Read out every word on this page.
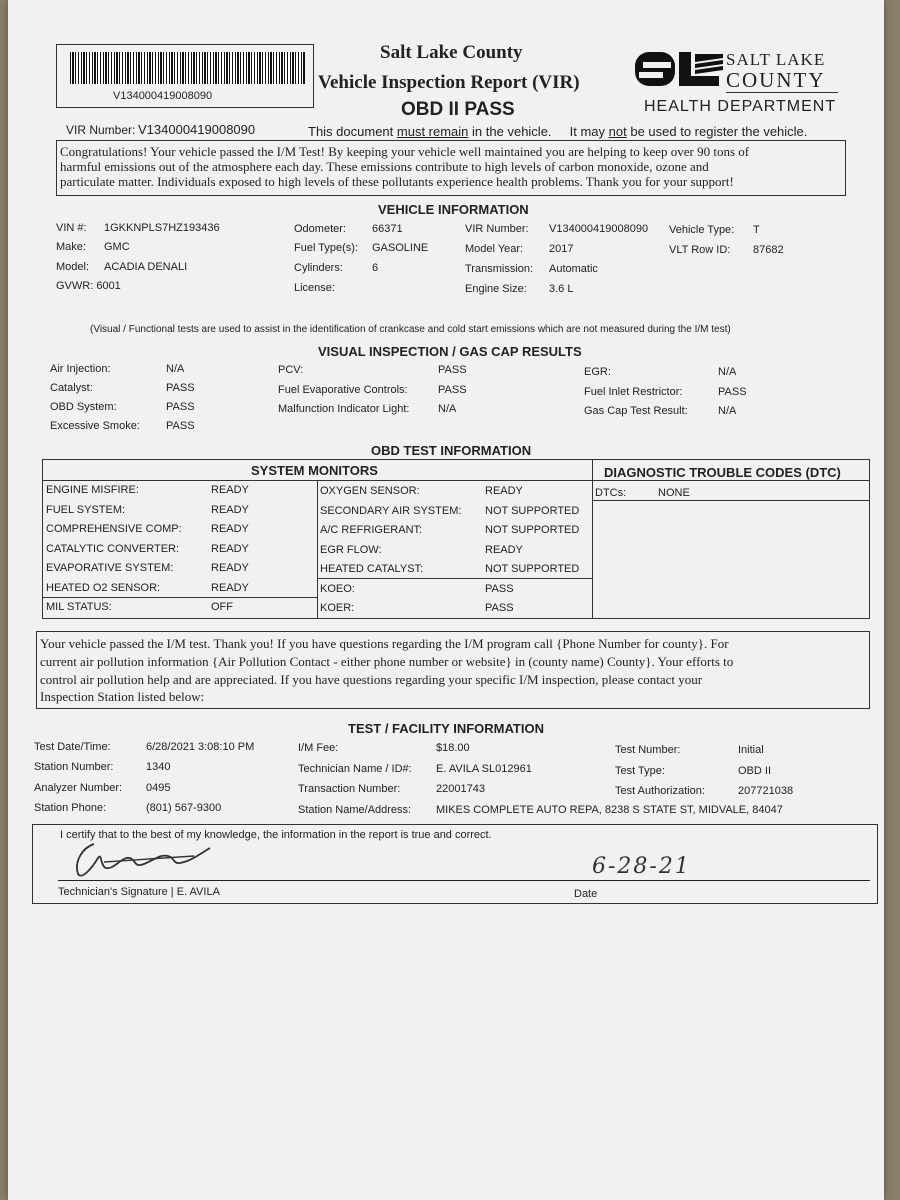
V134000419008090
Salt Lake County
Vehicle Inspection Report (VIR)
OBD II PASS
SALT LAKE
COUNTY
HEALTH DEPARTMENT
VIR Number: V134000419008090	This document must remain in the vehicle. It may not be used to register the vehicle.
Congratulations! Your vehicle passed the I/M Test! By keeping your vehicle well maintained you are helping to keep over 90 tons of
harmful emissions out of the atmosphere each day. These emissions contribute to high levels of carbon monoxide, ozone and
particulate matter. Individuals exposed to high levels of these pollutants experience health problems. Thank you for your support!
VEHICLE INFORMATION
VIN #: 1GKKNPLS7HZ193436
Make: GMC
Model: ACADIA DENALI
GVWR: 6001
Odometer: 66371
Fuel Type(s): GASOLINE
Cylinders:	6
License:
VIR Number: V134000419008090
Model Year: 2017
Transmission: Automatic
Engine Size: 3.6 L
Vehicle Type: T
VLT Row ID: 87682
(Visual / Functional tests are used to assist in the identification of crankcase and cold start emissions which are not measured during the I/M test)
VISUAL INSPECTION / GAS CAP RESULTS
Air Injection:	N/A
Catalyst:	PASS
OBD System:	PASS
Excessive Smoke: PASS
PCV:	PASS
Fuel Evaporative Controls:	PASS
Malfunction Indicator Light:	N/A
EGR:	N/A
Fuel Inlet Restrictor:	PASS
Gas Cap Test Result:	N/A
OBD TEST INFORMATION
SYSTEM MONITORS	DIAGNOSTIC TROUBLE CODES (DTC)
ENGINE MISFIRE:	READY
FUEL SYSTEM:	READY
COMPREHENSIVE COMP:	READY
CATALYTIC CONVERTER:	READY
EVAPORATIVE SYSTEM:	READY
HEATED O2 SENSOR:	READY
MIL STATUS:	OFF
OXYGEN SENSOR:	READY
SECONDARY AIR SYSTEM: NOT SUPPORTED
A/C REFRIGERANT:	NOT SUPPORTED
EGR FLOW:	READY
HEATED CATALYST:	NOT SUPPORTED
KOEO:	PASS
KOER:	PASS
DTCs:	NONE
Your vehicle passed the I/M test. Thank you! If you have questions regarding the I/M program call {Phone Number for county}. For
current air pollution information {Air Pollution Contact - either phone number or website} in (county name) County}. Your efforts to
control air pollution help and are appreciated. If you have questions regarding your specific I/M inspection, please contact your
Inspection Station listed below:
TEST / FACILITY INFORMATION
Test Date/Time:	6/28/2021 3:08:10 PM
Station Number:	1340
Analyzer Number: 0495
Station Phone:	(801) 567-9300
I/M Fee:	$18.00
Technician Name / ID#: E. AVILA SL012961
Transaction Number:	22001743
Station Name/Address: MIKES COMPLETE AUTO REPA, 8238 S STATE ST, MIDVALE, 84047
Test Number:	Initial
Test Type:	OBD II
Test Authorization:	207721038
I certify that to the best of my knowledge, the information in the report is true and correct.
Technician's Signature | E. AVILA	Date
6-28-21
